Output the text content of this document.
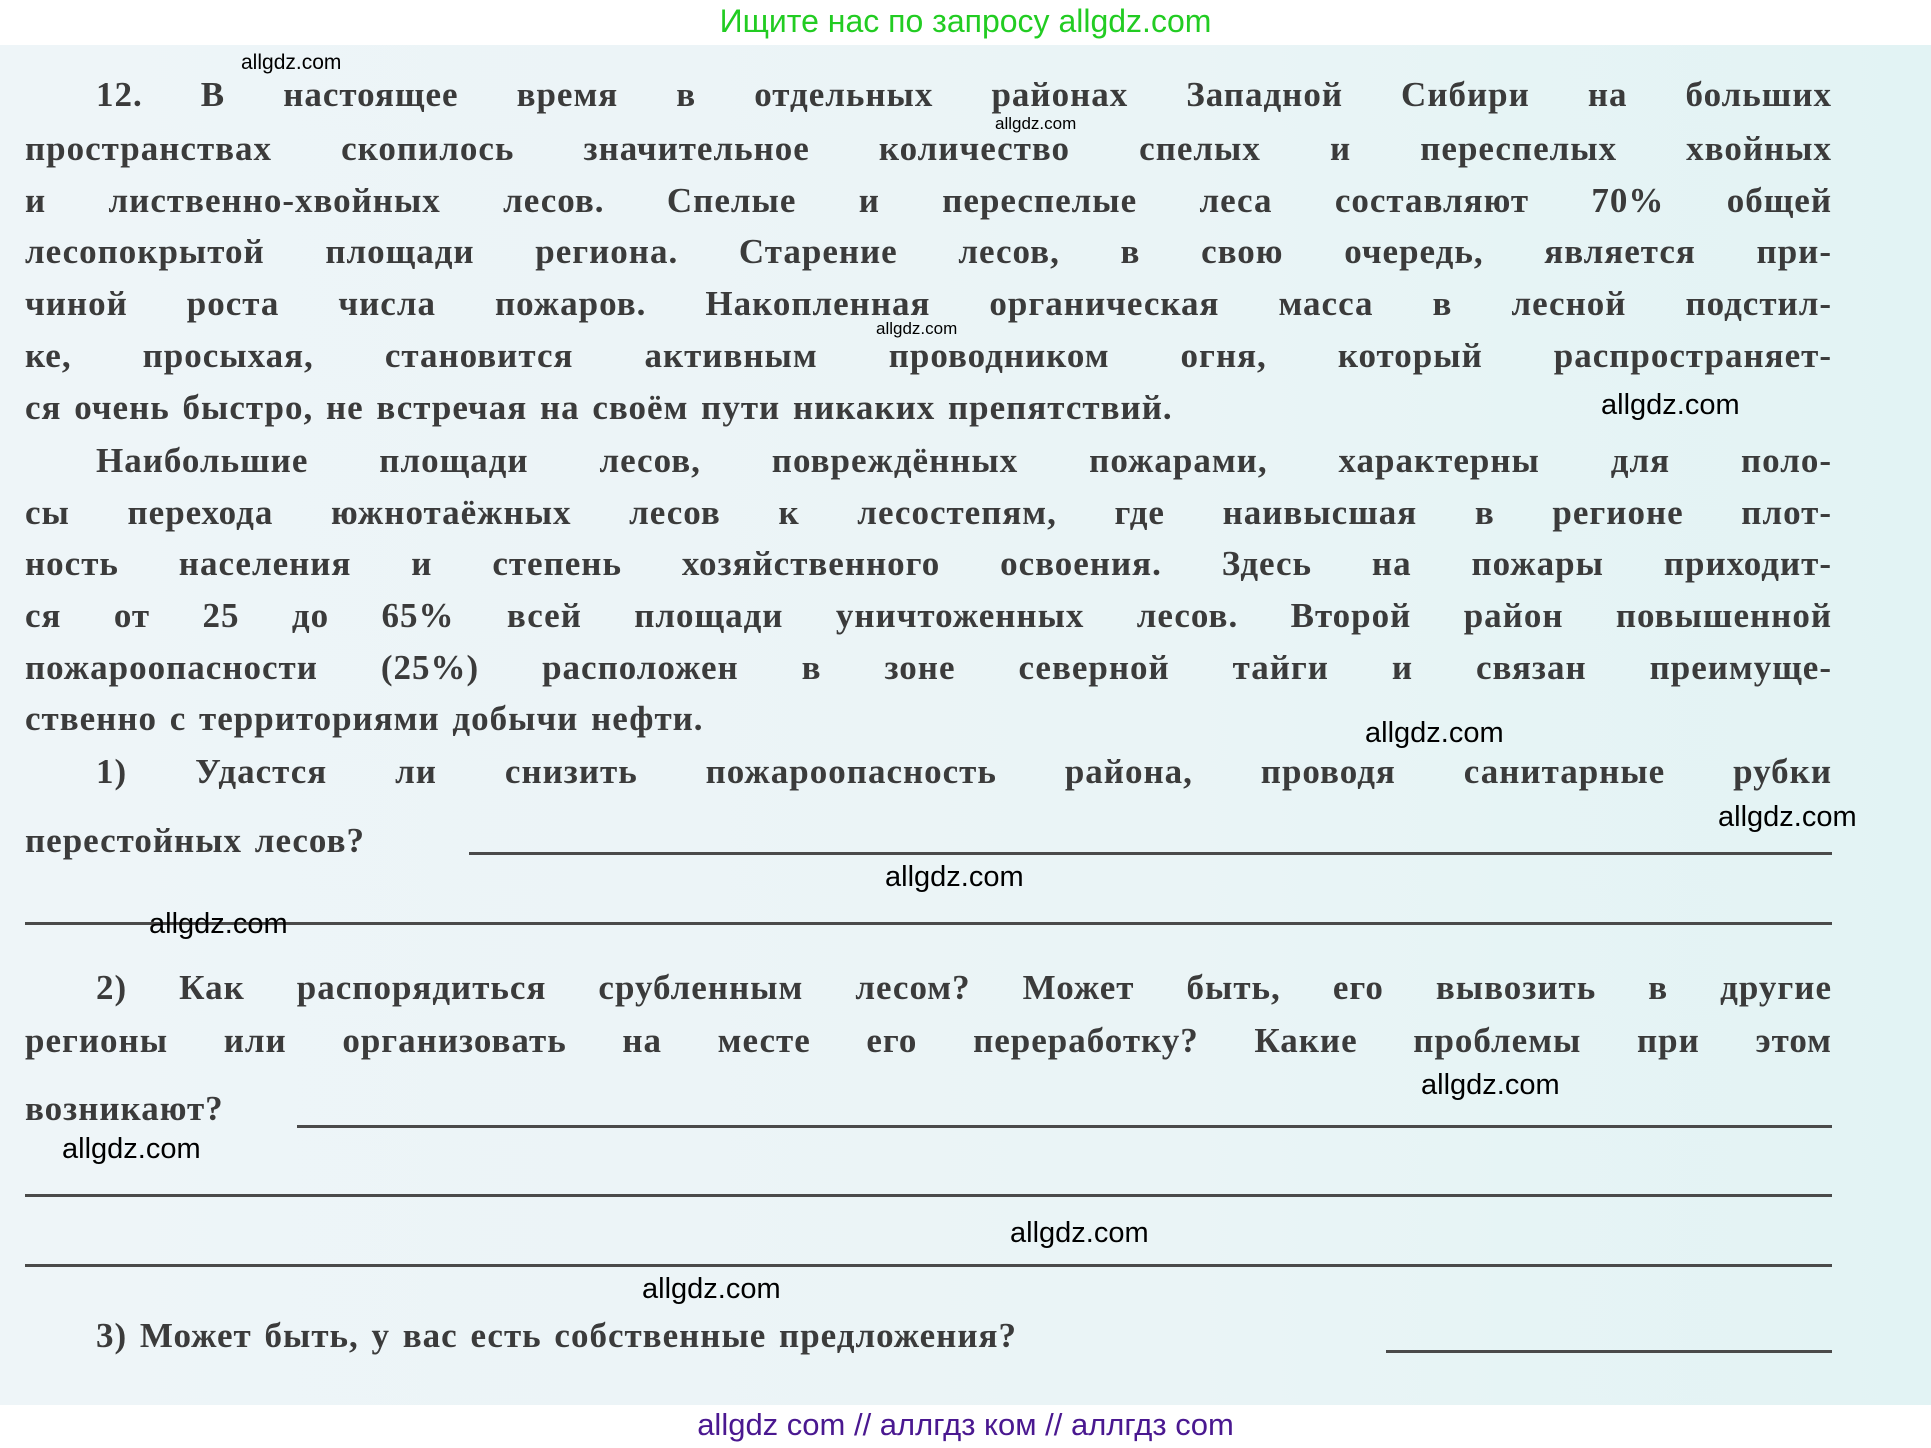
Ищите нас по запросу allgdz.com
12. В настоящее время в отдельных районах Западной Сибири на больших
пространствах скопилось значительное количество спелых и переспелых хвойных
и лиственно-хвойных лесов. Спелые и переспелые леса составляют 70% общей
лесопокрытой площади региона. Старение лесов, в свою очередь, является при-
чиной роста числа пожаров. Накопленная органическая масса в лесной подстил-
ке, просыхая, становится активным проводником огня, который распространяет-
ся очень быстро, не встречая на своём пути никаких препятствий.
Наибольшие площади лесов, повреждённых пожарами, характерны для поло-
сы перехода южнотаёжных лесов к лесостепям, где наивысшая в регионе плот-
ность населения и степень хозяйственного освоения. Здесь на пожары приходит-
ся от 25 до 65% всей площади уничтоженных лесов. Второй район повышенной
пожароопасности (25%) расположен в зоне северной тайги и связан преимуще-
ственно с территориями добычи нефти.
1) Удастся ли снизить пожароопасность района, проводя санитарные рубки
перестойных лесов?
2) Как распорядиться срубленным лесом? Может быть, его вывозить в другие
регионы или организовать на месте его переработку? Какие проблемы при этом
возникают?
3) Может быть, у вас есть собственные предложения?
allgdz.com
allgdz.com
allgdz.com
allgdz.com
allgdz.com
allgdz.com
allgdz.com
allgdz.com
allgdz.com
allgdz.com
allgdz.com
allgdz.com
allgdz com // аллгдз ком // аллгдз com
